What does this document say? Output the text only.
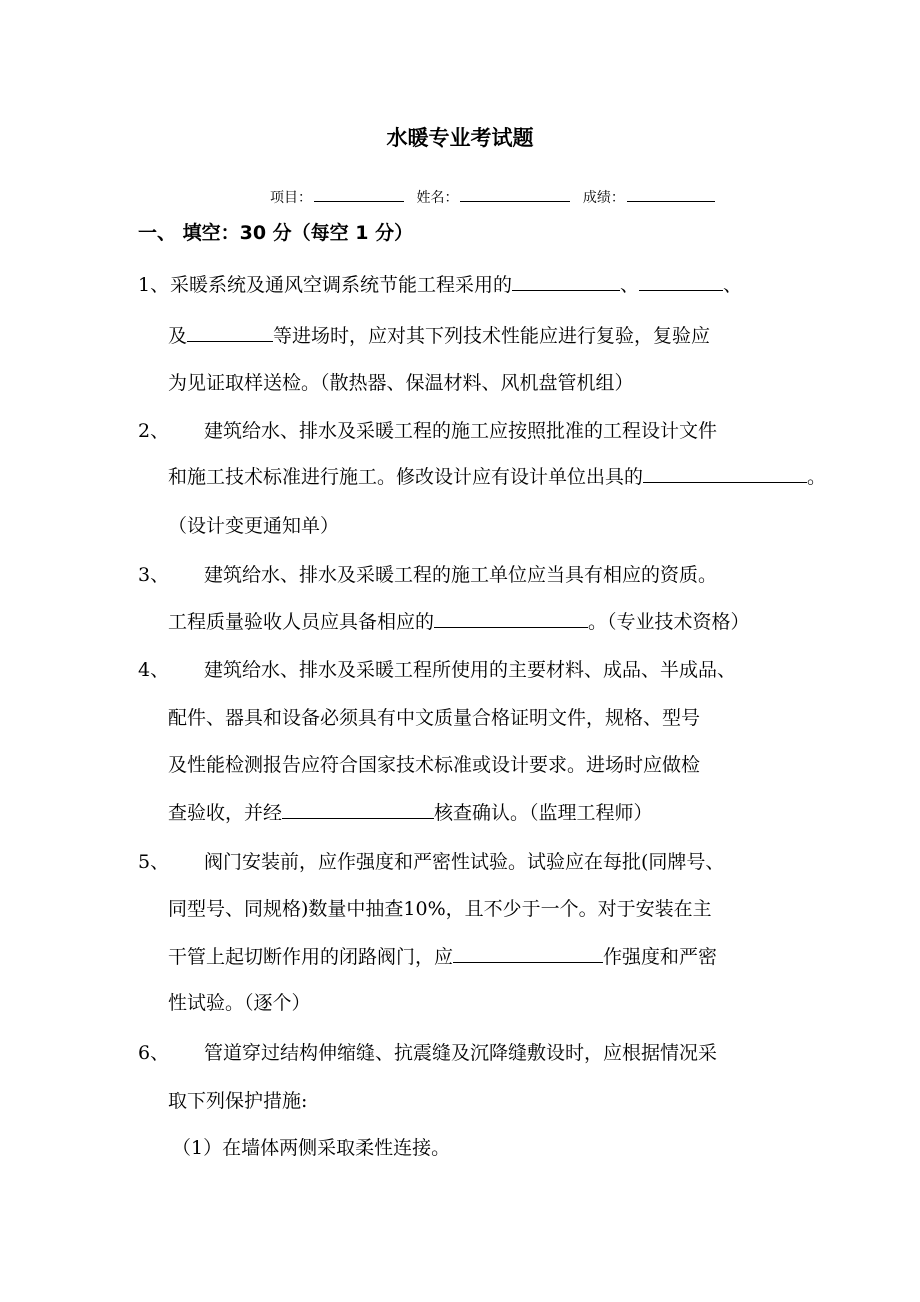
水暖专业考试题
项目：	姓名：	成绩：
一、 填空：30 分（每空 1 分）
1、 采暖系统及通风空调系统节能工程采用的	、	、
及	等进场时，应对其下列技术性能应进行复验，复验应
为见证取样送检。（散热器、保温材料、风机盘管机组）
2、 建筑给水、排水及采暖工程的施工应按照批准的工程设计文件
和施工技术标准进行施工。修改设计应有设计单位出具的	。
（设计变更通知单）
3、 建筑给水、排水及采暖工程的施工单位应当具有相应的资质。
工程质量验收人员应具备相应的	。（专业技术资格）
4、 建筑给水、排水及采暖工程所使用的主要材料、成品、半成品、
配件、器具和设备必须具有中文质量合格证明文件，规格、型号
及性能检测报告应符合国家技术标准或设计要求。进场时应做检
查验收，并经	核查确认。（监理工程师）
5、 阀门安装前，应作强度和严密性试验。试验应在每批(同牌号、
同型号、同规格)数量中抽查10%，且不少于一个。对于安装在主
干管上起切断作用的闭路阀门，应	作强度和严密
性试验。（逐个）
6、 管道穿过结构伸缩缝、抗震缝及沉降缝敷设时，应根据情况采
取下列保护措施:
（1）在墙体两侧采取柔性连接。
